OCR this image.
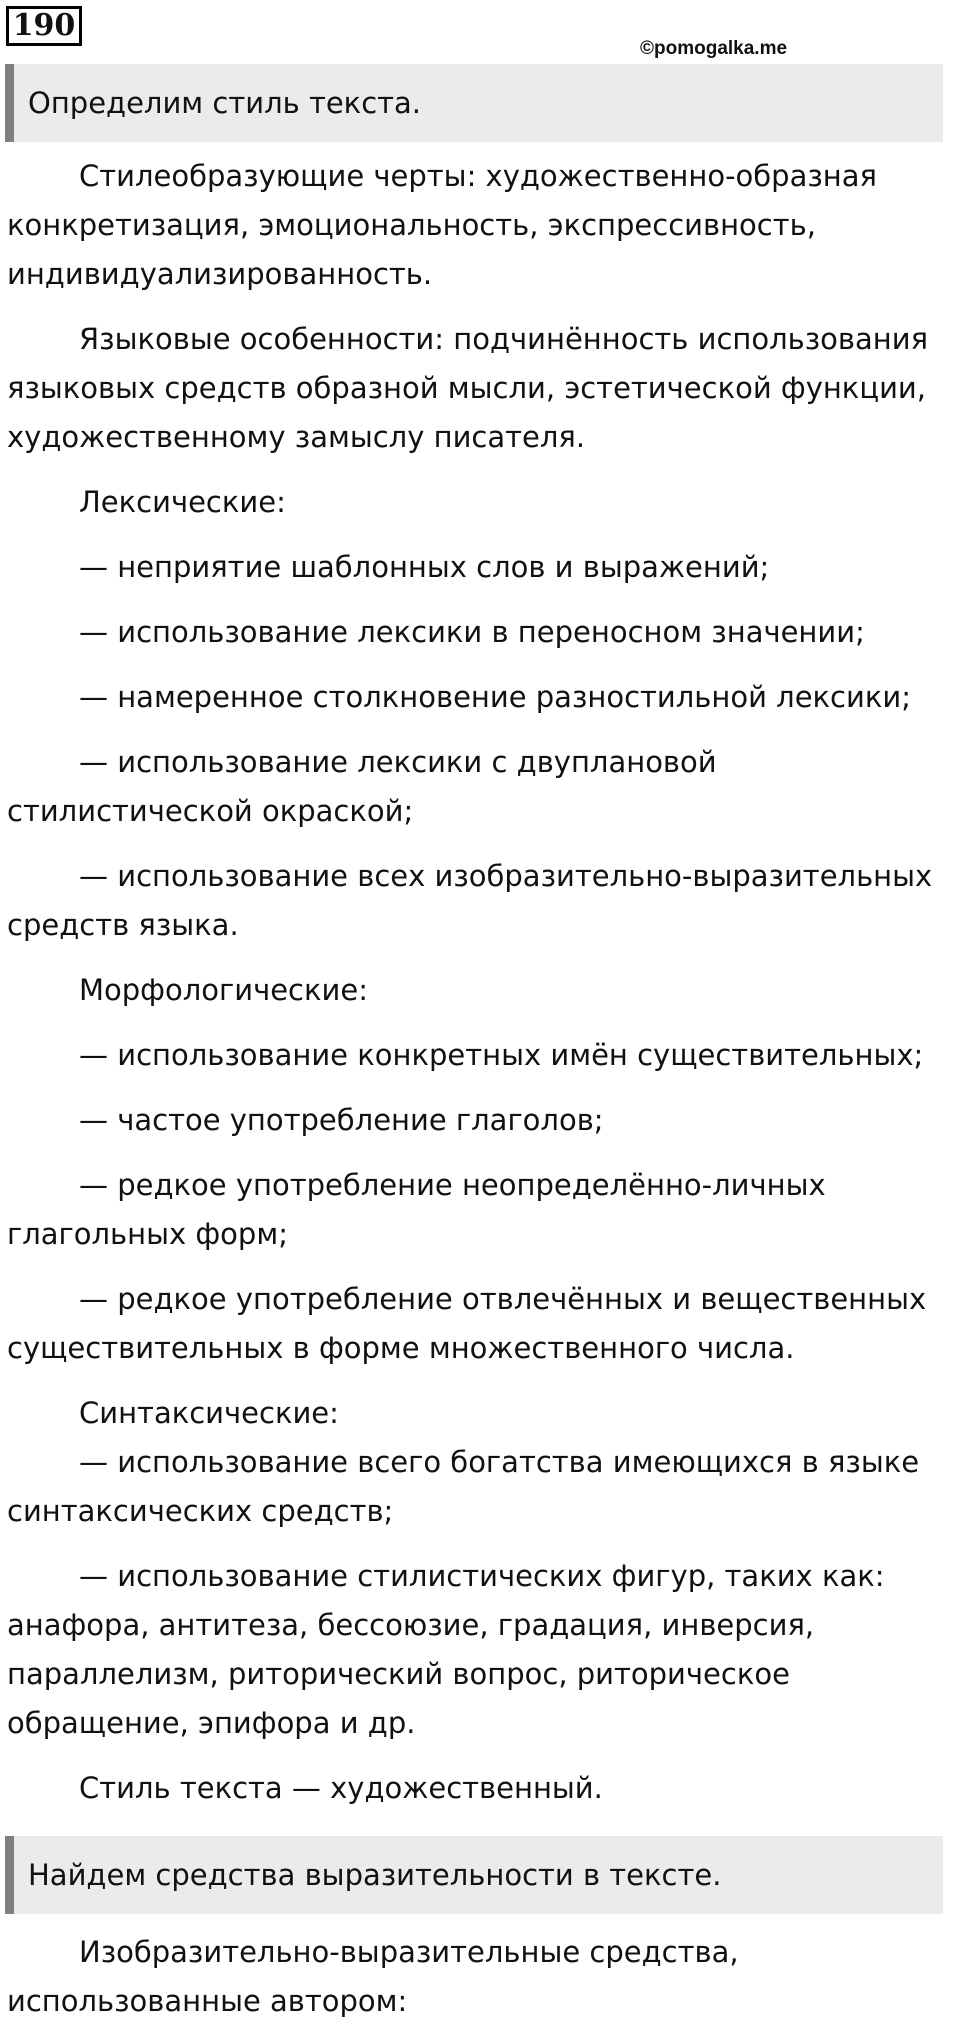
190
©pomogalka.me
Определим стиль текста.

Стилеобразующие черты: художественно-образная конкретизация, эмоциональность, экспрессивность, индивидуализированность.

Языковые особенности: подчинённость использования языковых средств образной мысли, эстетической функции, художественному замыслу писателя.

Лексические:

— неприятие шаблонных слов и выражений;

— использование лексики в переносном значении;

— намеренное столкновение разностильной лексики;

— использование лексики с двуплановой стилистической окраской;

— использование всех изобразительно-выразительных средств языка.

Морфологические:

— использование конкретных имён существительных;

— частое употребление глаголов;

— редкое употребление неопределённо-личных глагольных форм;

— редкое употребление отвлечённых и вещественных существительных в форме множественного числа.

Синтаксические:

— использование всего богатства имеющихся в языке синтаксических средств;

— использование стилистических фигур, таких как: анафора, антитеза, бессоюзие, градация, инверсия, параллелизм, риторический вопрос, риторическое обращение, эпифора и др.

Стиль текста — художественный.

Найдем средства выразительности в тексте.

Изобразительно-выразительные средства, использованные автором:
